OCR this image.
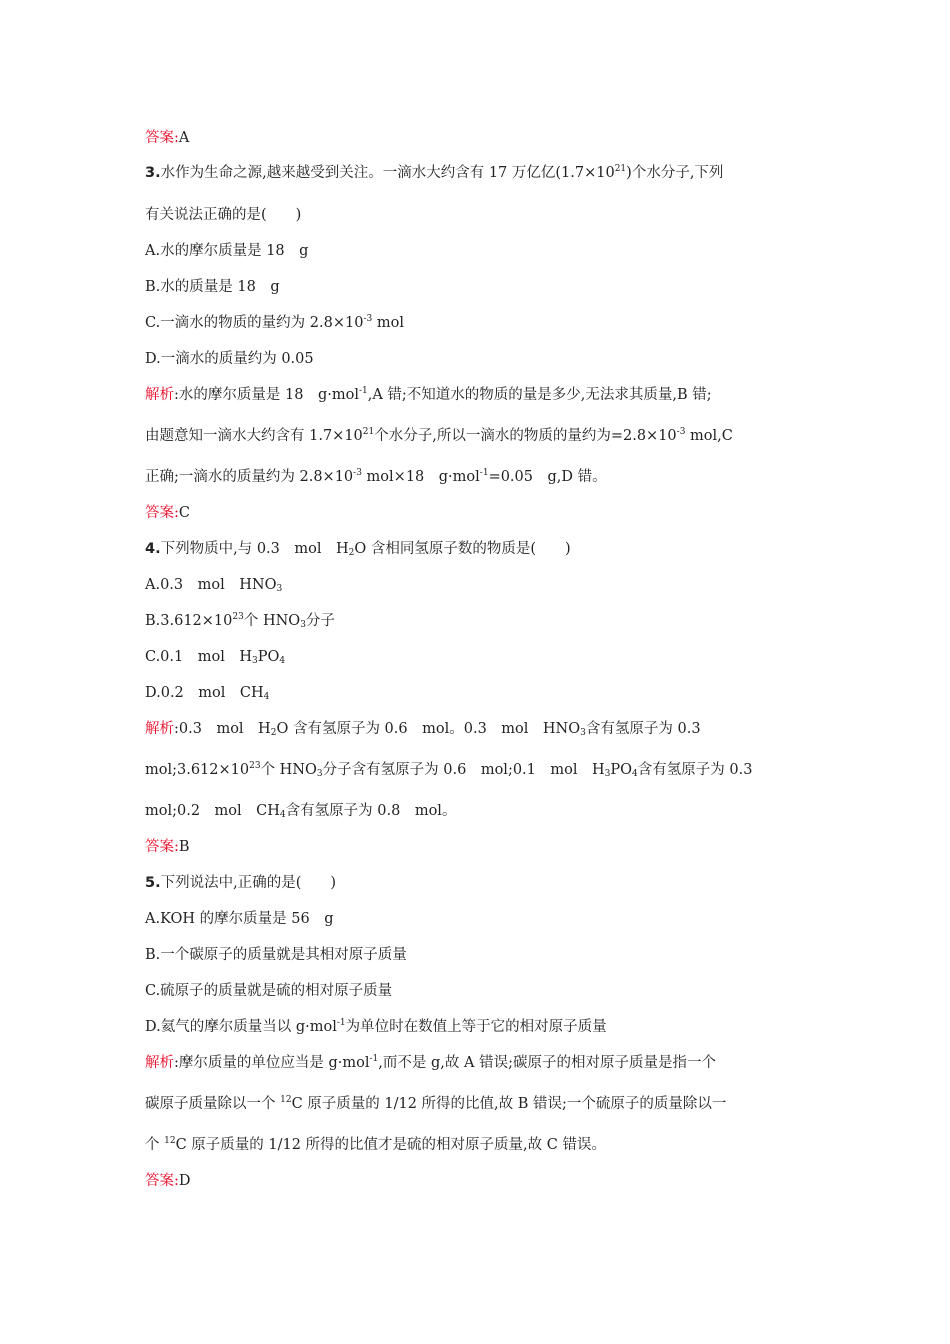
答案:A
3.水作为生命之源,越来越受到关注。一滴水大约含有 17 万亿亿$(1.7\times 10^{21})$个水分子,下列
有关说法正确的是(　　)
A.水的摩尔质量是 18　g
B.水的质量是 18　g
C.一滴水的物质的量约为 $2.8\times 10^{-3}$ mol
D.一滴水的质量约为 0.05
解析:水的摩尔质量是 18　g·mol$^{-1}$,A 错;不知道水的物质的量是多少,无法求其质量,B 错;
由题意知一滴水大约含有 $1.7\times 10^{21}$个水分子,所以一滴水的物质的量约为$=2.8\times 10^{-3}$ mol,C
正确;一滴水的质量约为 $2.8\times 10^{-3}$ mol×18　g·mol$^{-1}$=0.05　g,D 错。
答案:C
4.下列物质中,与 0.3　mol　$H_2O$ 含相同氢原子数的物质是(　　)
A.0.3　mol　$HNO_3$
$B.3.612\times 10^{23}$个 $HNO_3$分子
C.0.1　mol　$H_3PO_4$
D.0.2　mol　$CH_4$
解析:0.3　mol　$H_2O$ 含有氢原子为 0.6　mol。0.3　mol　$HNO_3$含有氢原子为 0.3
$mol;3.612\times 10^{23}$个 $HNO_3$分子含有氢原子为 0.6　mol;0.1　mol　$H_3PO_4$含有氢原子为 0.3
mol;0.2　mol　$CH_4$含有氢原子为 0.8　mol。
答案:B
5.下列说法中,正确的是(　　)
A.KOH 的摩尔质量是 56　g
B.一个碳原子的质量就是其相对原子质量
C.硫原子的质量就是硫的相对原子质量
D.氦气的摩尔质量当以 g·mol$^{-1}$为单位时在数值上等于它的相对原子质量
解析:摩尔质量的单位应当是 g·mol$^{-1}$,而不是 g,故 A 错误;碳原子的相对原子质量是指一个
碳原子质量除以一个 $^{12}$C 原子质量的 1/12 所得的比值,故 B 错误;一个硫原子的质量除以一
个 $^{12}$C 原子质量的 1/12 所得的比值才是硫的相对原子质量,故 C 错误。
答案:D
